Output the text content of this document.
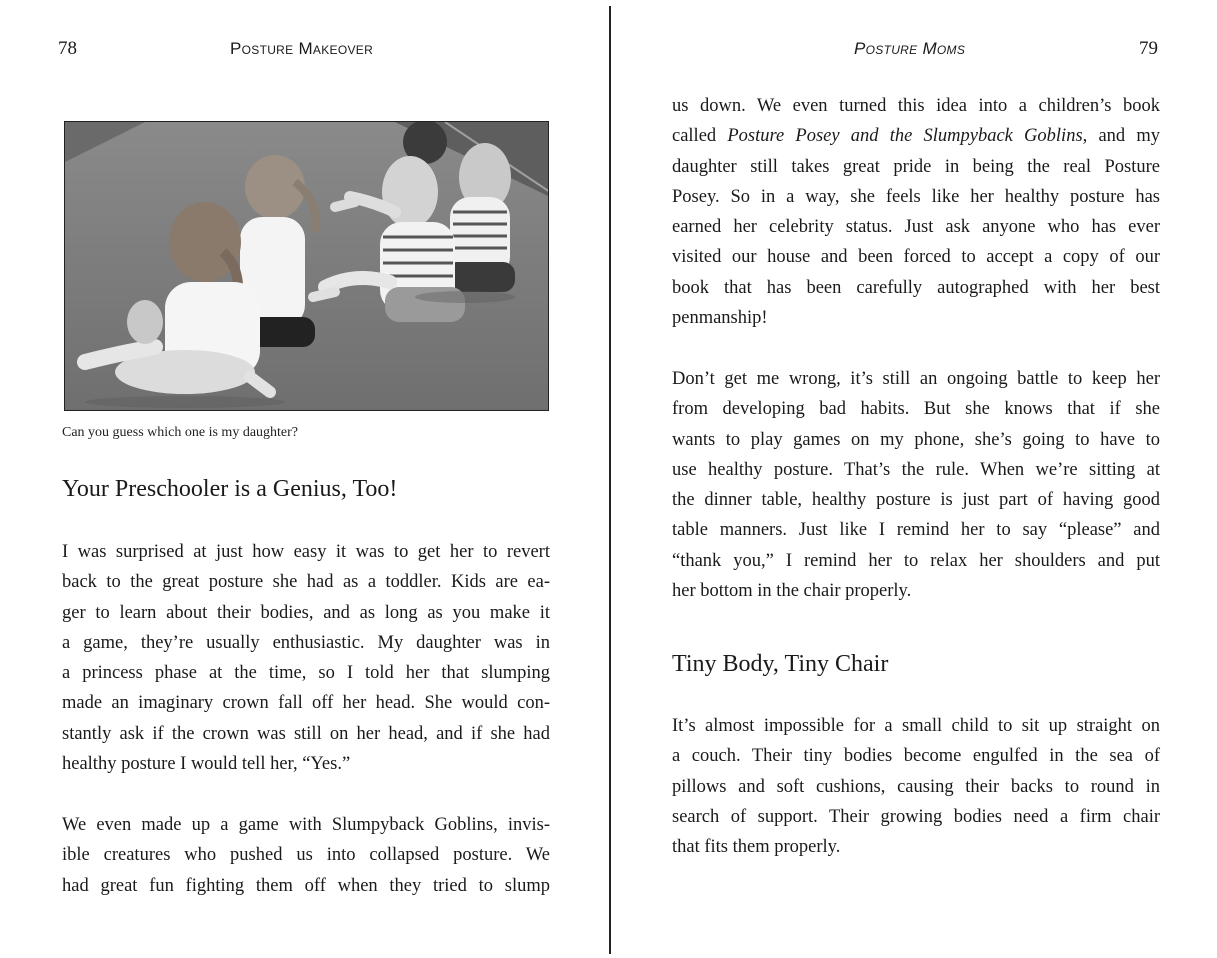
78	Posture Makeover
Can you guess which one is my daughter?
Your Preschooler is a Genius, Too!
I was surprised at just how easy it was to get her to revert
back to the great posture she had as a toddler. Kids are ea-
ger to learn about their bodies, and as long as you make it
a game, they’re usually enthusiastic. My daughter was in
a princess phase at the time, so I told her that slumping
made an imaginary crown fall off her head. She would con-
stantly ask if the crown was still on her head, and if she had
healthy posture I would tell her, “Yes.”
We even made up a game with Slumpyback Goblins, invis-
ible creatures who pushed us into collapsed posture. We
had great fun fighting them off when they tried to slump
Posture Moms	79
us down. We even turned this idea into a children’s book
called Posture Posey and the Slumpyback Goblins, and my
daughter still takes great pride in being the real Posture
Posey. So in a way, she feels like her healthy posture has
earned her celebrity status. Just ask anyone who has ever
visited our house and been forced to accept a copy of our
book that has been carefully autographed with her best
penmanship!
Don’t get me wrong, it’s still an ongoing battle to keep her
from developing bad habits. But she knows that if she
wants to play games on my phone, she’s going to have to
use healthy posture. That’s the rule. When we’re sitting at
the dinner table, healthy posture is just part of having good
table manners. Just like I remind her to say “please” and
“thank you,” I remind her to relax her shoulders and put
her bottom in the chair properly.
Tiny Body, Tiny Chair
It’s almost impossible for a small child to sit up straight on
a couch. Their tiny bodies become engulfed in the sea of
pillows and soft cushions, causing their backs to round in
search of support. Their growing bodies need a firm chair
that fits them properly.
